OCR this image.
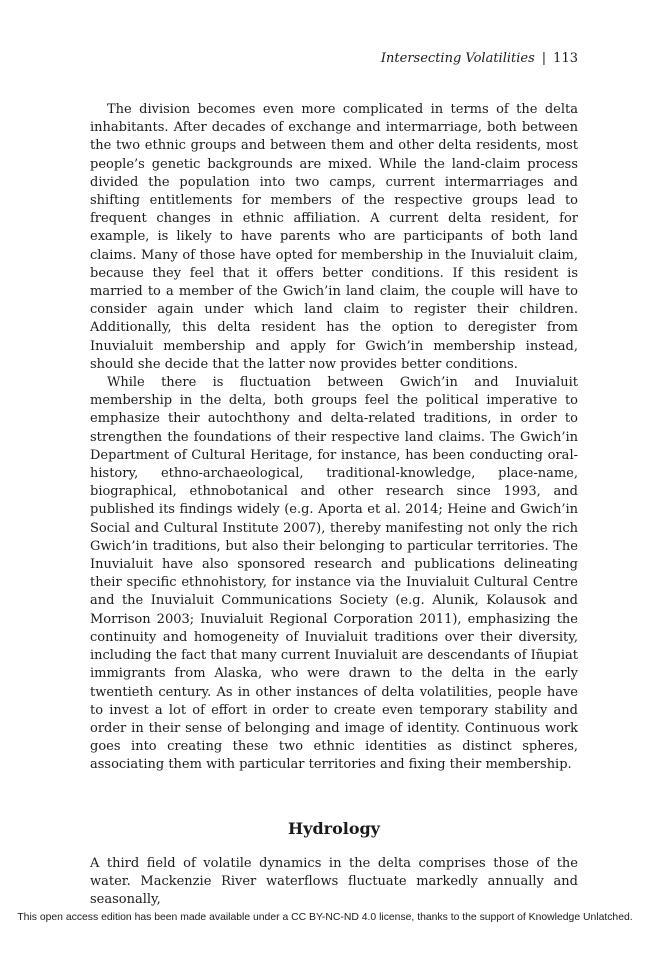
Intersecting Volatilities | 113

The division becomes even more complicated in terms of the delta inhabitants. After decades of exchange and intermarriage, both between the two ethnic groups and between them and other delta residents, most people’s genetic backgrounds are mixed. While the land-claim process divided the population into two camps, current intermarriages and shifting entitlements for members of the respective groups lead to frequent changes in ethnic affiliation. A current delta resident, for example, is likely to have parents who are participants of both land claims. Many of those have opted for membership in the Inuvialuit claim, because they feel that it offers better conditions. If this resident is married to a member of the Gwich’in land claim, the couple will have to consider again under which land claim to register their children. Additionally, this delta resident has the option to deregister from Inuvialuit membership and apply for Gwich’in membership instead, should she decide that the latter now provides better conditions.

While there is fluctuation between Gwich’in and Inuvialuit membership in the delta, both groups feel the political imperative to emphasize their autochthony and delta-related traditions, in order to strengthen the foundations of their respective land claims. The Gwich’in Department of Cultural Heritage, for instance, has been conducting oral-history, ethno-archaeological, traditional-knowledge, place-name, biographical, ethnobotanical and other research since 1993, and published its findings widely (e.g. Aporta et al. 2014; Heine and Gwich’in Social and Cultural Institute 2007), thereby manifesting not only the rich Gwich’in traditions, but also their belonging to particular territories. The Inuvialuit have also sponsored research and publications delineating their specific ethnohistory, for instance via the Inuvialuit Cultural Centre and the Inuvialuit Communications Society (e.g. Alunik, Kolausok and Morrison 2003; Inuvialuit Regional Corporation 2011), emphasizing the continuity and homogeneity of Inuvialuit traditions over their diversity, including the fact that many current Inuvialuit are descendants of Iñupiat immigrants from Alaska, who were drawn to the delta in the early twentieth century. As in other instances of delta volatilities, people have to invest a lot of effort in order to create even temporary stability and order in their sense of belonging and image of identity. Continuous work goes into creating these two ethnic identities as distinct spheres, associating them with particular territories and fixing their membership.

Hydrology

A third field of volatile dynamics in the delta comprises those of the water. Mackenzie River waterflows fluctuate markedly annually and seasonally,

This open access edition has been made available under a CC BY-NC-ND 4.0 license, thanks to the support of Knowledge Unlatched.
